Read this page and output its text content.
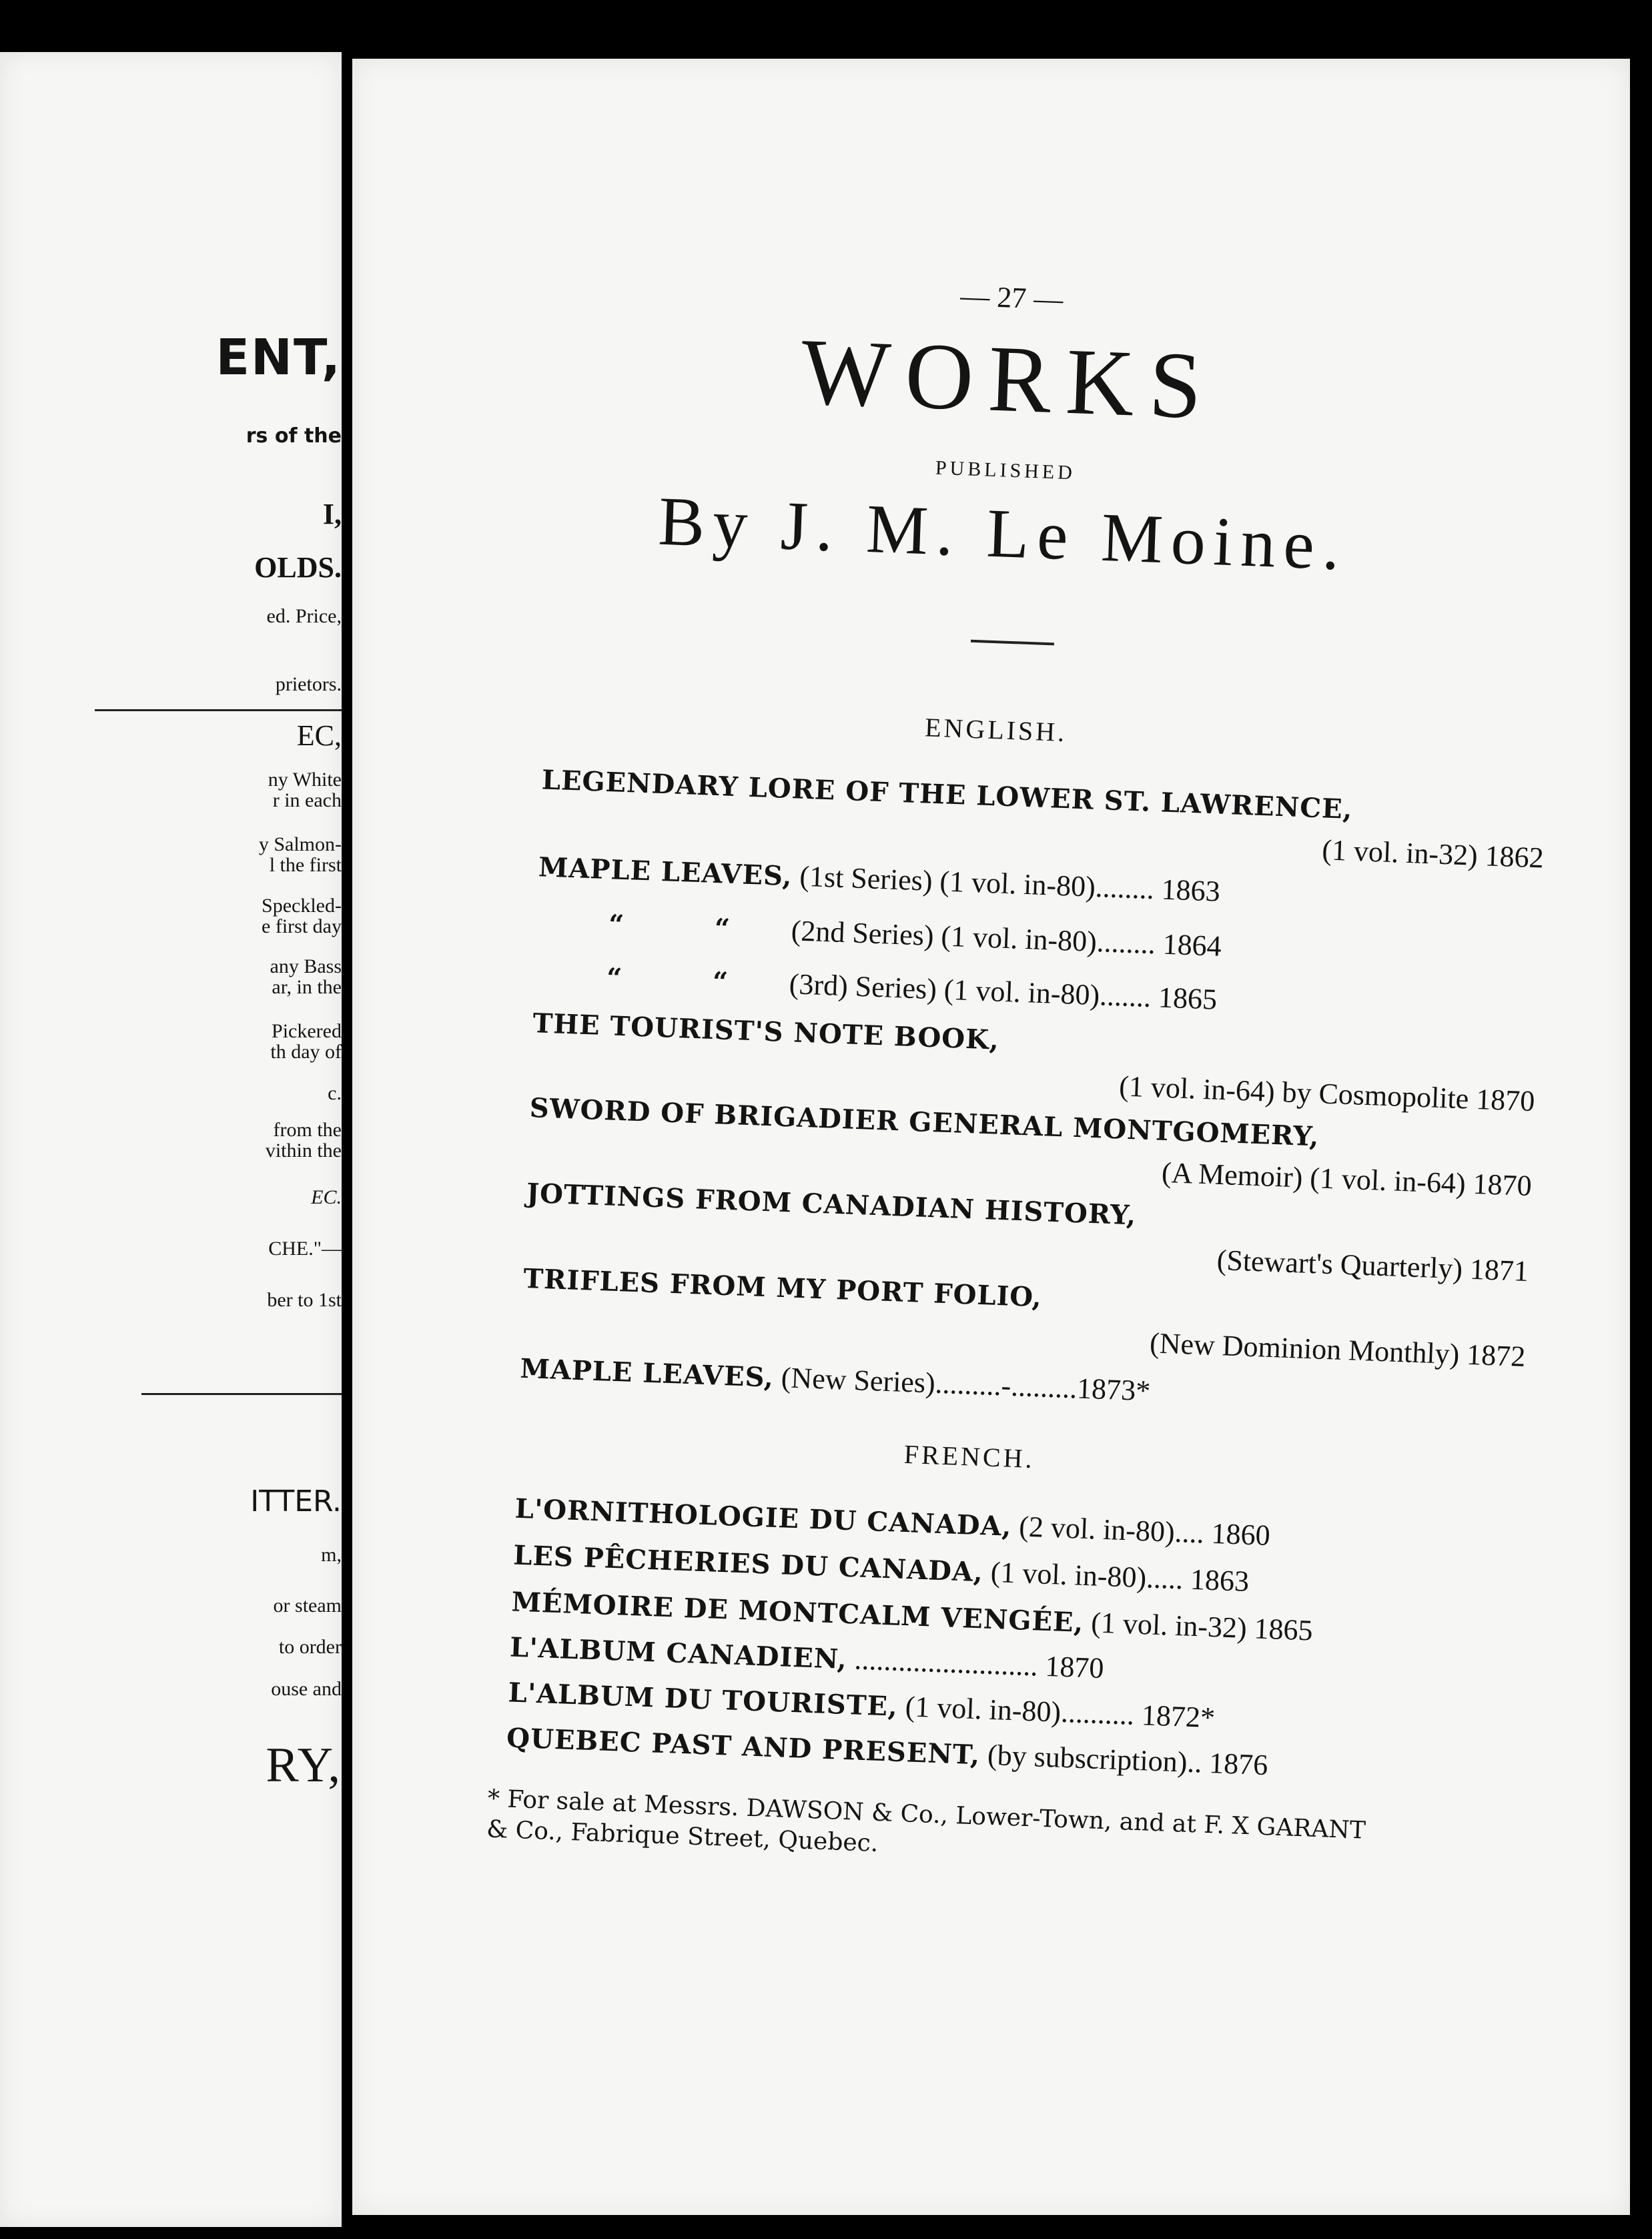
ENT,
rs of the
I,
OLDS.
ed. Price,
prietors.
EC,
ny White
r in each
y Salmon-
l the first
Speckled-
e first day
any Bass
ar, in the
Pickered
th day of
c.
from the
vithin the
EC.
CHE."—
ber to 1st
ITTER.
m,
or steam
to order
ouse and
RY,
— 27 —
WORKS
PUBLISHED
By J. M. Le Moine.
ENGLISH.
LEGENDARY LORE OF THE LOWER ST. LAWRENCE,
(1 vol. in-32) 1862
MAPLE LEAVES, (1st Series) (1 vol. in-80)........ 1863
“ “ (2nd Series) (1 vol. in-80)........ 1864
“ “ (3rd) Series) (1 vol. in-80)....... 1865
THE TOURIST'S NOTE BOOK,
(1 vol. in-64) by Cosmopolite 1870
SWORD OF BRIGADIER GENERAL MONTGOMERY,
(A Memoir) (1 vol. in-64) 1870
JOTTINGS FROM CANADIAN HISTORY,
(Stewart's Quarterly) 1871
TRIFLES FROM MY PORT FOLIO,
(New Dominion Monthly) 1872
MAPLE LEAVES, (New Series).........-.........1873*
FRENCH.
L'ORNITHOLOGIE DU CANADA, (2 vol. in-80).... 1860
LES PÊCHERIES DU CANADA, (1 vol. in-80)..... 1863
MÉMOIRE DE MONTCALM VENGÉE, (1 vol. in-32) 1865
L'ALBUM CANADIEN, ......................... 1870
L'ALBUM DU TOURISTE, (1 vol. in-80).......... 1872*
QUEBEC PAST AND PRESENT, (by subscription).. 1876
* For sale at Messrs. DAWSON & Co., Lower-Town, and at F. X GARANT & Co., Fabrique Street, Quebec.
